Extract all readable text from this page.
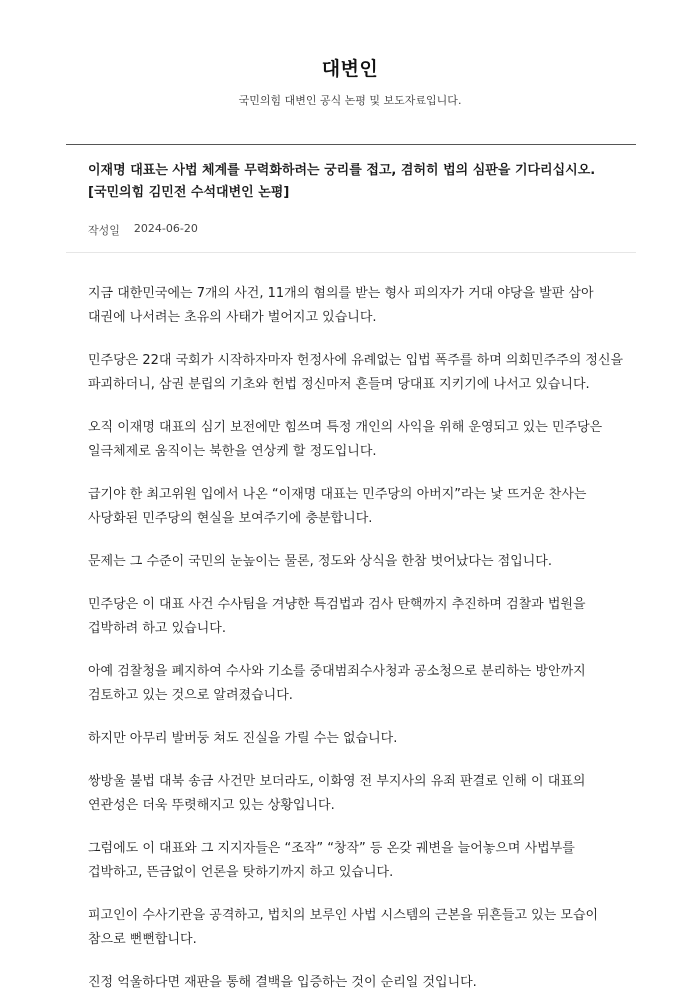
대변인

국민의힘 대변인 공식 논평 및 보도자료입니다.

이재명 대표는 사법 체계를 무력화하려는 궁리를 접고, 겸허히 법의 심판을 기다리십시오. [국민의힘 김민전 수석대변인 논평]
작성일 2024-06-20

지금 대한민국에는 7개의 사건, 11개의 혐의를 받는 형사 피의자가 거대 야당을 발판 삼아 대권에 나서려는 초유의 사태가 벌어지고 있습니다.

민주당은 22대 국회가 시작하자마자 헌정사에 유례없는 입법 폭주를 하며 의회민주주의 정신을 파괴하더니, 삼권 분립의 기초와 헌법 정신마저 흔들며 당대표 지키기에 나서고 있습니다.

오직 이재명 대표의 심기 보전에만 힘쓰며 특정 개인의 사익을 위해 운영되고 있는 민주당은 일극체제로 움직이는 북한을 연상케 할 정도입니다.

급기야 한 최고위원 입에서 나온 “이재명 대표는 민주당의 아버지”라는 낯 뜨거운 찬사는 사당화된 민주당의 현실을 보여주기에 충분합니다.

문제는 그 수준이 국민의 눈높이는 물론, 정도와 상식을 한참 벗어났다는 점입니다.

민주당은 이 대표 사건 수사팀을 겨냥한 특검법과 검사 탄핵까지 추진하며 검찰과 법원을 겁박하려 하고 있습니다.

아예 검찰청을 폐지하여 수사와 기소를 중대범죄수사청과 공소청으로 분리하는 방안까지 검토하고 있는 것으로 알려졌습니다.

하지만 아무리 발버둥 쳐도 진실을 가릴 수는 없습니다.

쌍방울 불법 대북 송금 사건만 보더라도, 이화영 전 부지사의 유죄 판결로 인해 이 대표의 연관성은 더욱 뚜렷해지고 있는 상황입니다.

그럼에도 이 대표와 그 지지자들은 “조작” “창작” 등 온갖 궤변을 늘어놓으며 사법부를 겁박하고, 뜬금없이 언론을 탓하기까지 하고 있습니다.

피고인이 수사기관을 공격하고, 법치의 보루인 사법 시스템의 근본을 뒤흔들고 있는 모습이 참으로 뻔뻔합니다.

진정 억울하다면 재판을 통해 결백을 입증하는 것이 순리일 것입니다.
